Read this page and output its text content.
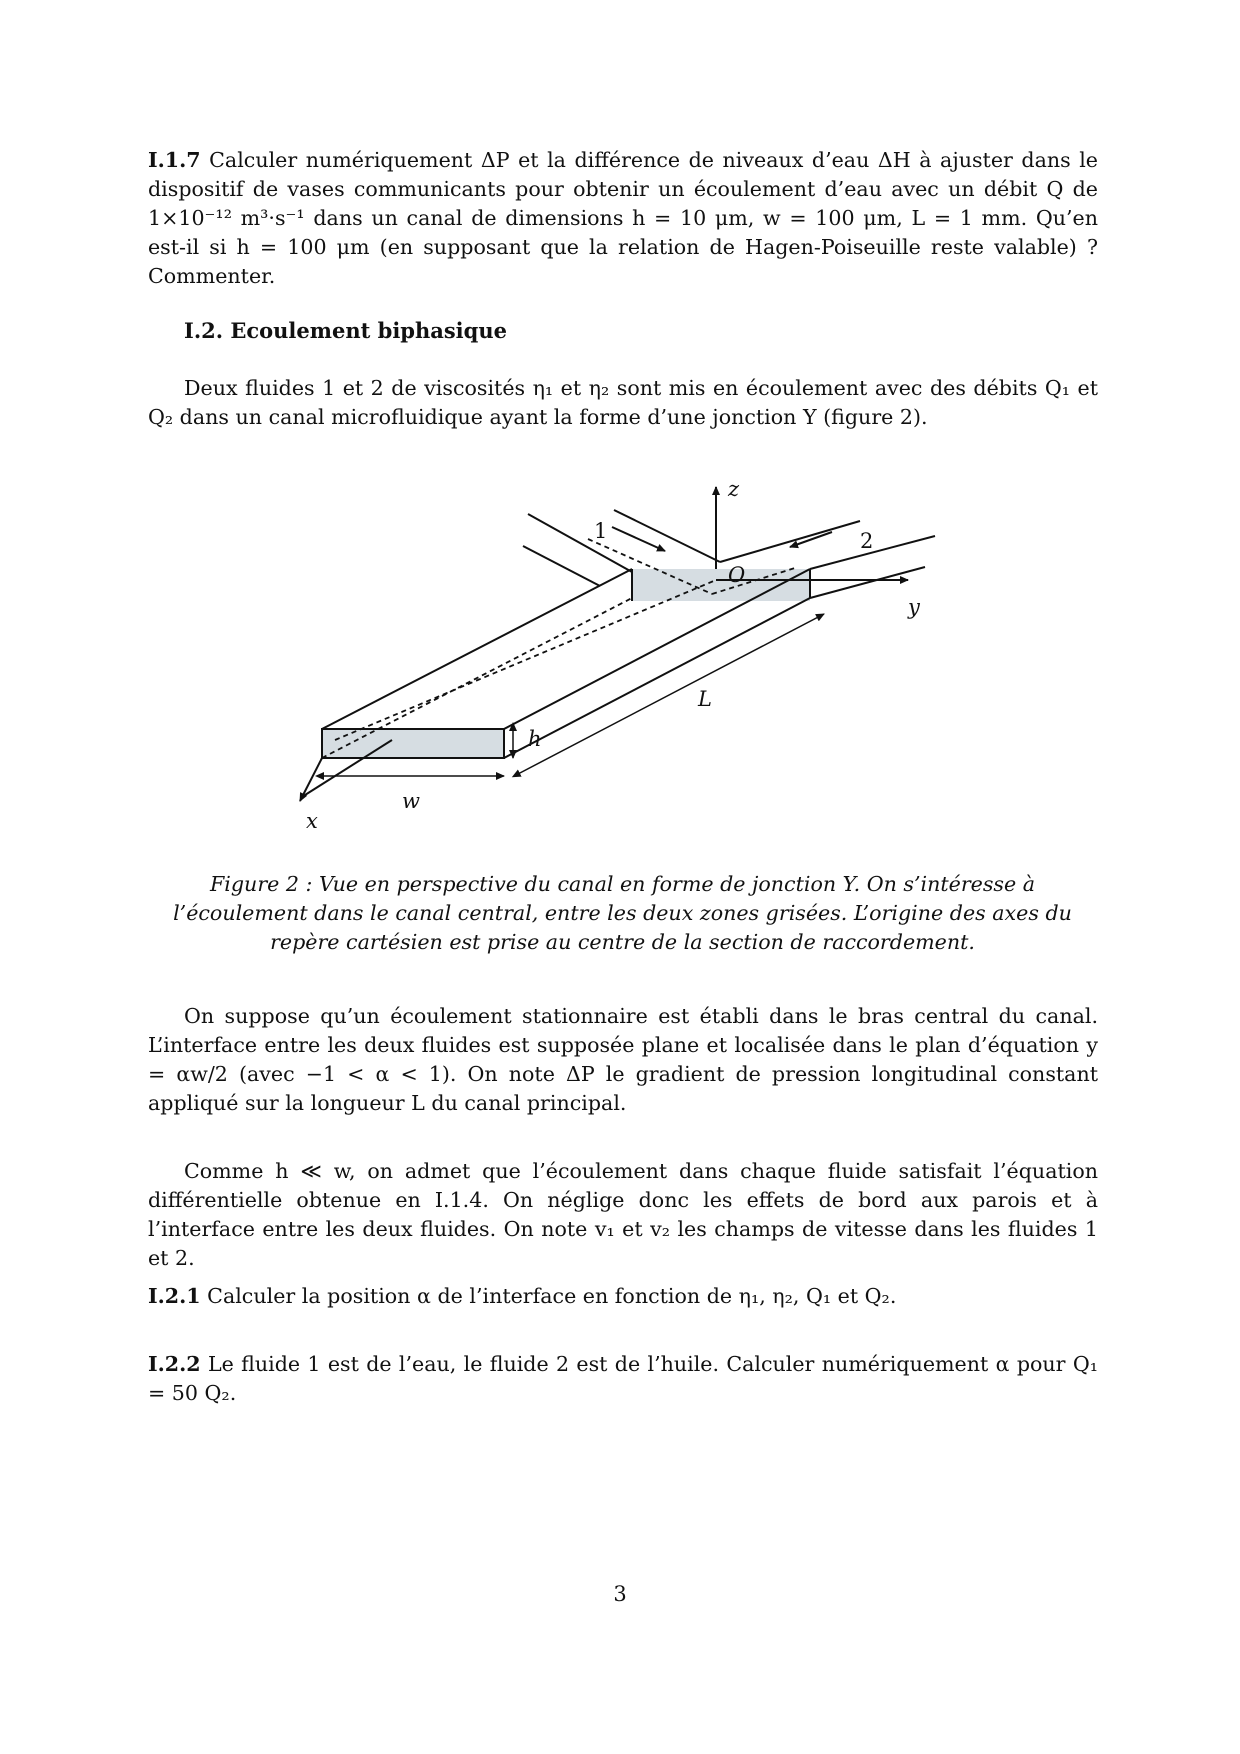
I.1.7 Calculer numériquement ΔP et la différence de niveaux d’eau ΔH à ajuster dans le dispositif de vases communicants pour obtenir un écoulement d’eau avec un débit Q de 1×10⁻¹² m³·s⁻¹ dans un canal de dimensions h = 10 μm, w = 100 μm, L = 1 mm. Qu’en est-il si h = 100 μm (en supposant que la relation de Hagen-Poiseuille reste valable) ? Commenter.

I.2. Ecoulement biphasique

Deux fluides 1 et 2 de viscosités η₁ et η₂ sont mis en écoulement avec des débits Q₁ et Q₂ dans un canal microfluidique ayant la forme d’une jonction Y (figure 2).

z
y
x
O
L
h
w
1	2

Figure 2 : Vue en perspective du canal en forme de jonction Y. On s’intéresse à l’écoulement dans le canal central, entre les deux zones grisées. L’origine des axes du repère cartésien est prise au centre de la section de raccordement.

On suppose qu’un écoulement stationnaire est établi dans le bras central du canal. L’interface entre les deux fluides est supposée plane et localisée dans le plan d’équation y = αw/2 (avec −1 < α < 1). On note ΔP le gradient de pression longitudinal constant appliqué sur la longueur L du canal principal.

Comme h ≪ w, on admet que l’écoulement dans chaque fluide satisfait l’équation différentielle obtenue en I.1.4. On néglige donc les effets de bord aux parois et à l’interface entre les deux fluides. On note v₁ et v₂ les champs de vitesse dans les fluides 1 et 2.

I.2.1 Calculer la position α de l’interface en fonction de η₁, η₂, Q₁ et Q₂.

I.2.2 Le fluide 1 est de l’eau, le fluide 2 est de l’huile. Calculer numériquement α pour Q₁ = 50 Q₂.

3
